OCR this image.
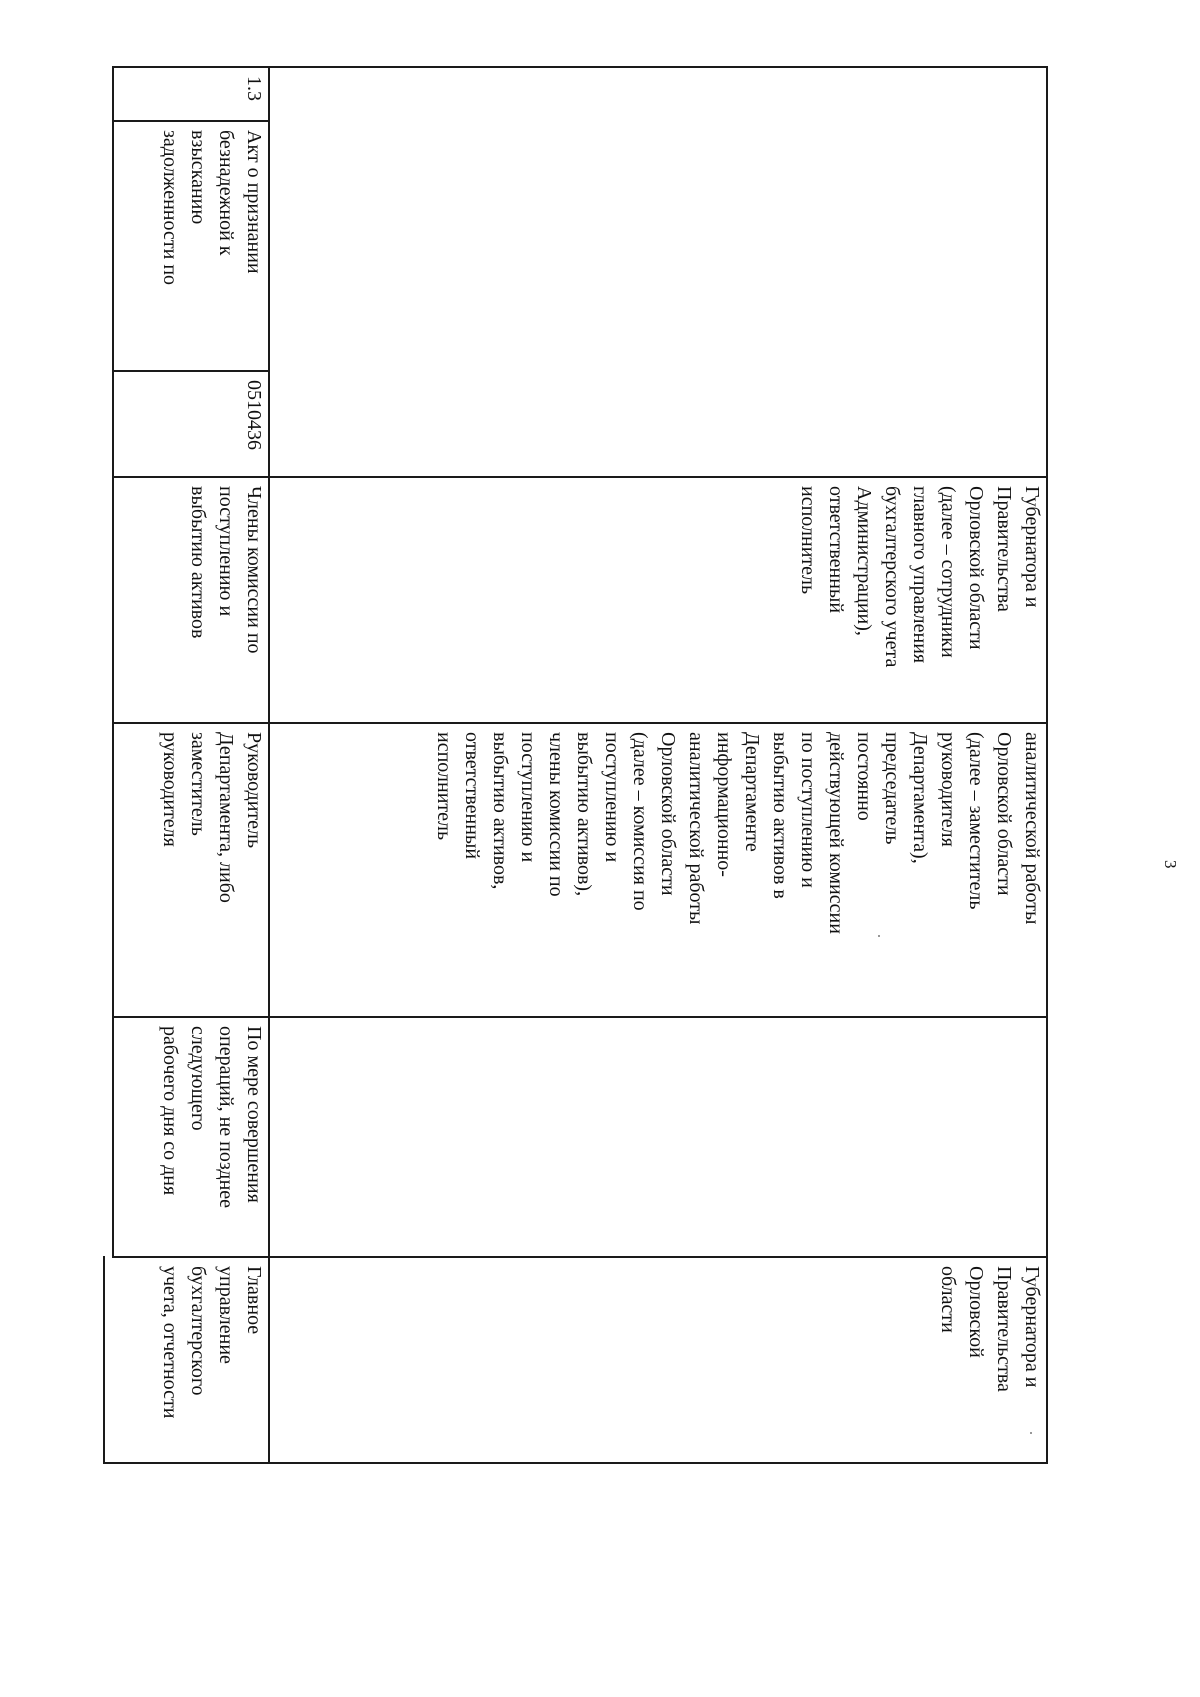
3
Губернатора и
Правительства
Орловской области
(далее – сотрудники
главного управления
бухгалтерского учета
Администрации),
ответственный
исполнитель
аналитической работы
Орловской области
(далее – заместитель
руководителя
Департамента),
председатель
постоянно
действующей комиссии
по поступлению и
выбытию активов в
Департаменте
информационно-
аналитической работы
Орловской области
(далее – комиссия по
поступлению и
выбытию активов),
члены комиссии по
поступлению и
выбытию активов,
ответственный
исполнитель
Губернатора и
Правительства
Орловской
области
1.3
Акт о признании
безнадежной к
взысканию
задолженности по
0510436
Члены комиссии по
поступлению и
выбытию активов
Руководитель
Департамента, либо
заместитель
руководителя
По мере совершения
операций, не позднее
следующего
рабочего дня со дня
Главное
управление
бухгалтерского
учета, отчетности
